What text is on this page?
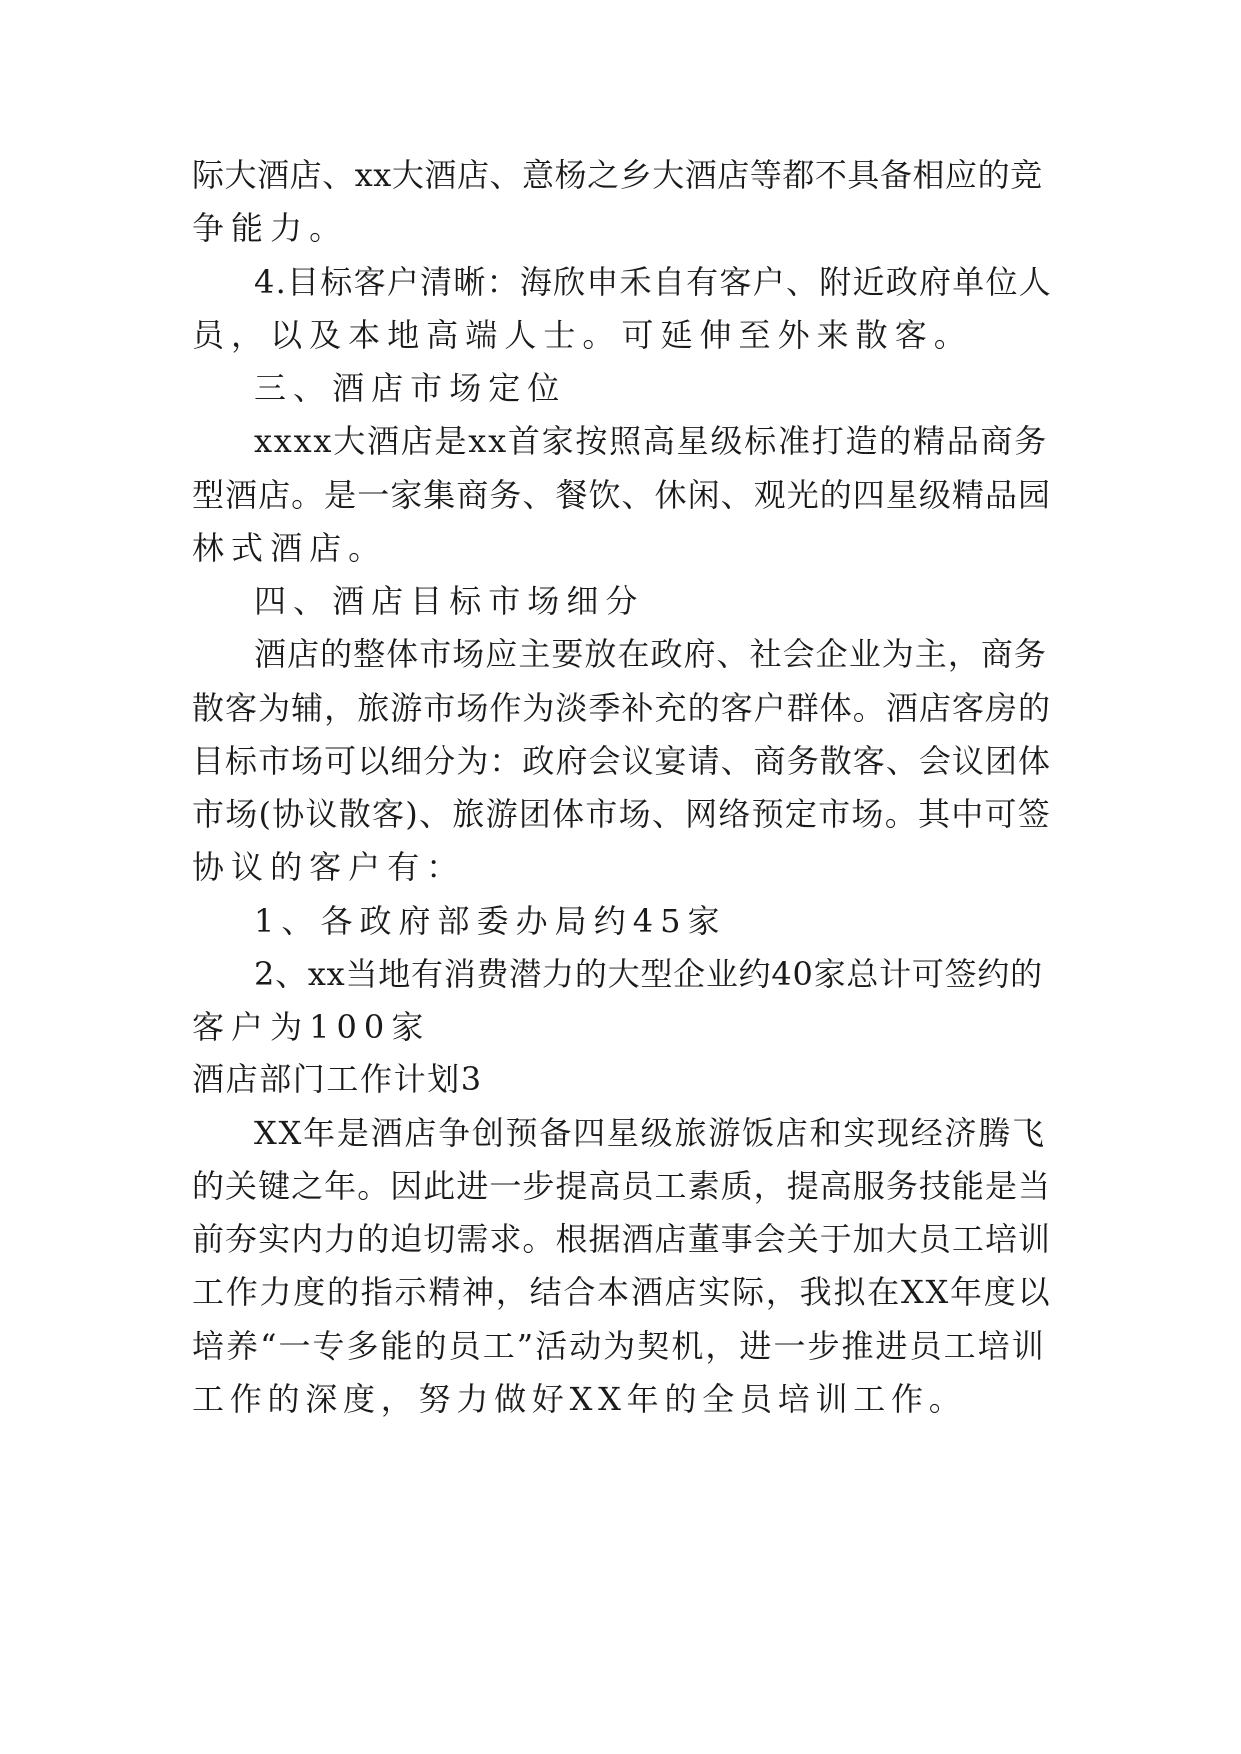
际大酒店、xx大酒店、意杨之乡大酒店等都不具备相应的竞
争能力。
4.目标客户清晰：海欣申禾自有客户、附近政府单位人
员，以及本地高端人士。可延伸至外来散客。
三、酒店市场定位
xxxx大酒店是xx首家按照高星级标准打造的精品商务
型酒店。是一家集商务、餐饮、休闲、观光的四星级精品园
林式酒店。
四、酒店目标市场细分
酒店的整体市场应主要放在政府、社会企业为主，商务
散客为辅，旅游市场作为淡季补充的客户群体。酒店客房的
目标市场可以细分为：政府会议宴请、商务散客、会议团体
市场(协议散客)、旅游团体市场、网络预定市场。其中可签
协议的客户有：
1、各政府部委办局约45家
2、xx当地有消费潜力的大型企业约40家总计可签约的
客户为100家
酒店部门工作计划3
XX年是酒店争创预备四星级旅游饭店和实现经济腾飞
的关键之年。因此进一步提高员工素质，提高服务技能是当
前夯实内力的迫切需求。根据酒店董事会关于加大员工培训
工作力度的指示精神，结合本酒店实际，我拟在XX年度以
培养“一专多能的员工”活动为契机，进一步推进员工培训
工作的深度，努力做好XX年的全员培训工作。
